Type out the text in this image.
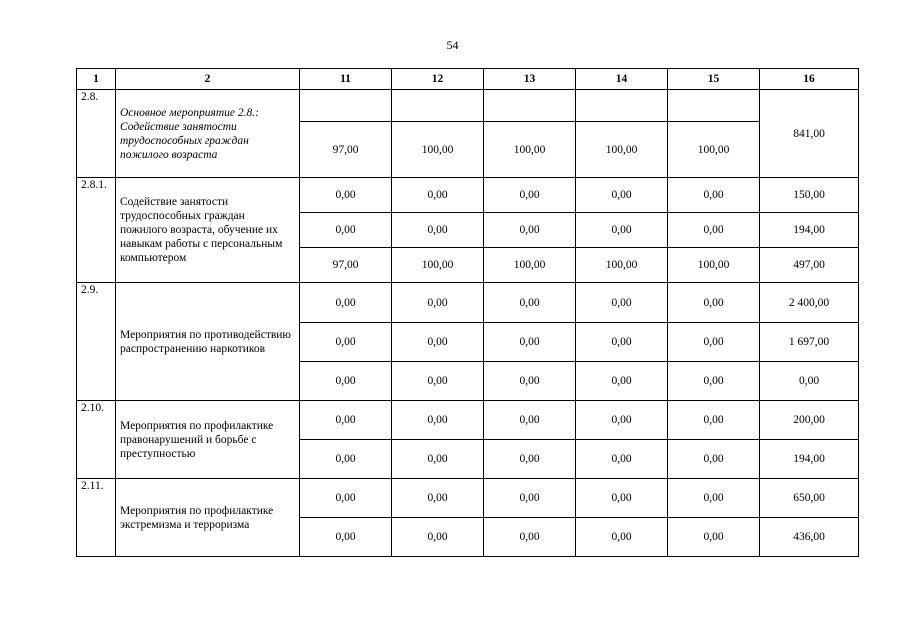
54
1	2	11	12	13	14	15	16
2.8.	Основное мероприятие 2.8.: Содействие занятости трудоспособных граждан пожилого возраста						841,00
		97,00	100,00	100,00	100,00	100,00	
2.8.1.	Содействие занятости трудоспособных граждан пожилого возраста, обучение их навыкам работы с персональным компьютером	0,00	0,00	0,00	0,00	0,00	150,00
		0,00	0,00	0,00	0,00	0,00	194,00
		97,00	100,00	100,00	100,00	100,00	497,00
2.9.	Мероприятия по противодействию распространению наркотиков	0,00	0,00	0,00	0,00	0,00	2 400,00
		0,00	0,00	0,00	0,00	0,00	1 697,00
		0,00	0,00	0,00	0,00	0,00	0,00
2.10.	Мероприятия по профилактике правонарушений и борьбе с преступностью	0,00	0,00	0,00	0,00	0,00	200,00
		0,00	0,00	0,00	0,00	0,00	194,00
2.11.	Мероприятия по профилактике экстремизма и терроризма	0,00	0,00	0,00	0,00	0,00	650,00
		0,00	0,00	0,00	0,00	0,00	436,00
